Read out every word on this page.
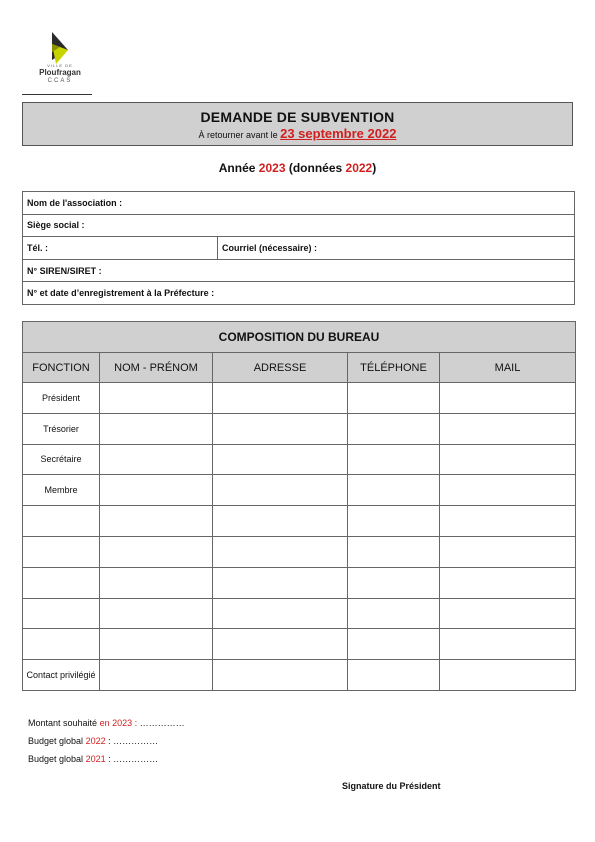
VILLE DE
Ploufragan
CCAS
DEMANDE DE SUBVENTION
À retourner avant le 23 septembre 2022
Année 2023 (données 2022)
Nom de l'association :
Siège social :
Tél. :	Courriel (nécessaire) :
N° SIREN/SIRET :
N° et date d’enregistrement à la Préfecture :
COMPOSITION DU BUREAU				
FONCTION	NOM - PRÉNOM	ADRESSE	TÉLÉPHONE	MAIL
Président				
Trésorier				
Secrétaire				
Membre				

Contact privilégié				
Montant souhaité en 2023 : ……………
Budget global 2022 : ……………
Budget global 2021 : ……………
Signature du Président
